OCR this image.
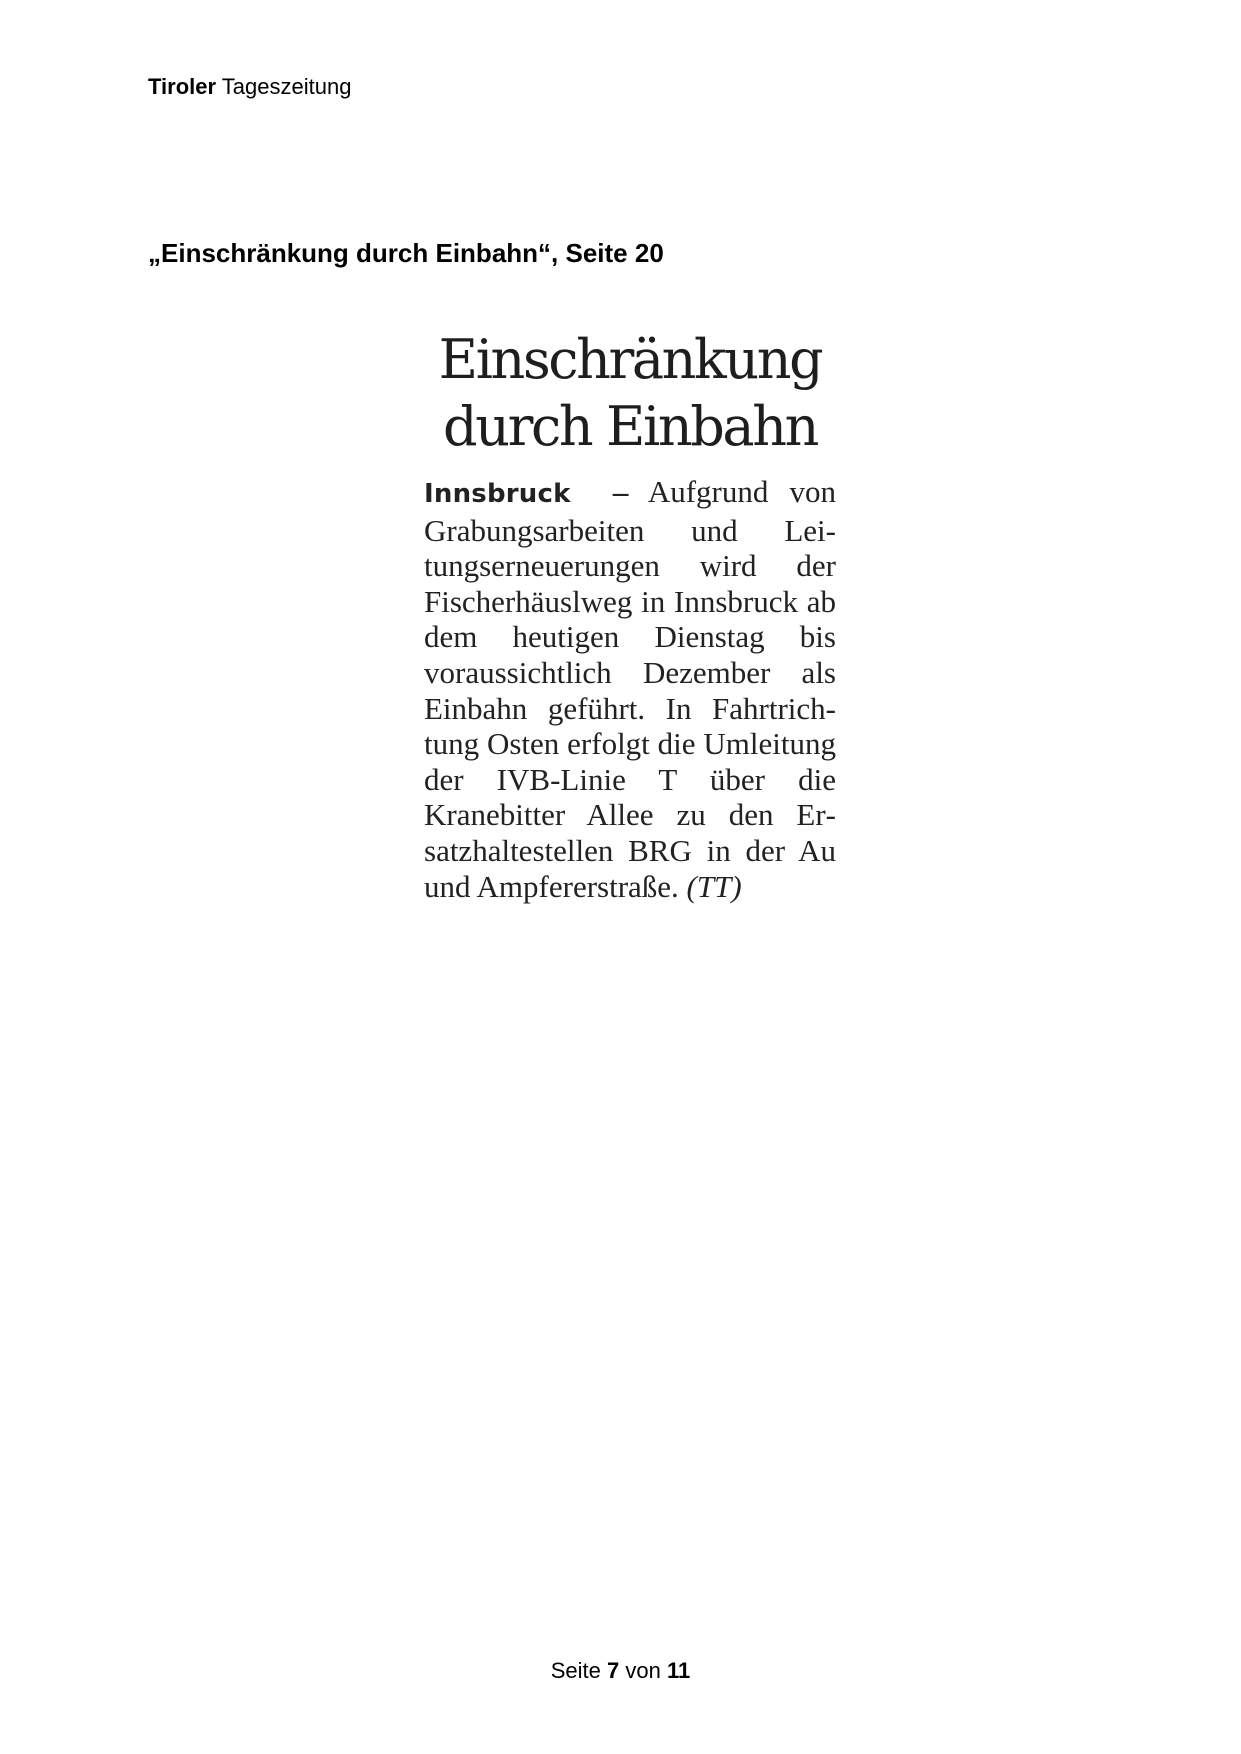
Tiroler Tageszeitung
„Einschränkung durch Einbahn“, Seite 20
Einschränkung
durch Einbahn

Innsbruck – Aufgrund von Grabungsarbeiten und Leitungserneuerungen wird der Fischerhäuslweg in Innsbruck ab dem heutigen Dienstag bis voraussichtlich Dezember als Einbahn geführt. In Fahrtrichtung Osten erfolgt die Umleitung der IVB-Linie T über die Kranebitter Allee zu den Ersatzhaltestellen BRG in der Au und Ampfererstraße. (TT)

Seite 7 von 11
